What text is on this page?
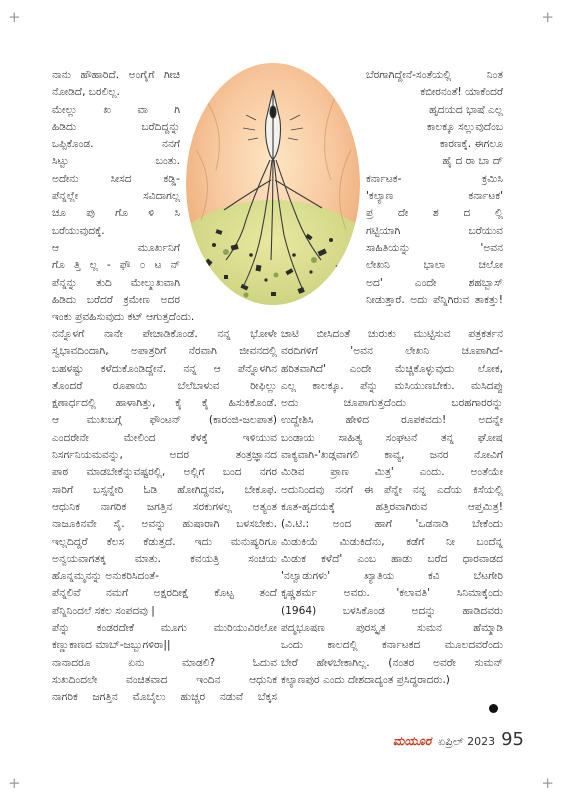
+	+
+	+
ನಾನು ಹೌಹಾರಿದೆ. ಅಂಗೈಗೆ ಗೀಚಿ
ನೋಡಿದೆ, ಬರಲಿಲ್ಲ.
ಮೇಲ್ಲು ಖ ವಾ ಗಿ
ಹಿಡಿದು ಬರೆದಿದ್ದನ್ನು
ಒಪ್ಪಿಕೊಂಡ. ನನಗೆ
ಸಿಟ್ಟು ಬಂತು.
ಅದೇನು ಸೀಸದ ಕಡ್ಡಿ-
ಪೆನ್ನಲ್ಲೇ ಸವಿದಾಗಲ್ಲ
ಚೂ ಪು ಗೊ ಳಿ ಸಿ
ಬರೆಯುವುದಕ್ಕೆ.
ಆ ಮೂರ್ಖನಿಗೆ
ಗೊ ತ್ತಿ ಲ್ಲ - ಫೌ ೦ ಟ ನ್
ಪೆನ್ನನ್ನು ತುದಿ ಮೇಲ್ಮುಖವಾಗಿ
ಹಿಡಿದು ಬರೆದರೆ ಕ್ರಮೇಣ ಅದರ
ಇಂಕು ಪ್ರವಹಿಸುವುದು ಕಟ್ ಆಗುತ್ತದೆಂದು.
ಬೆರಗಾಗಿದ್ದೇನೆ-ಸಂತೆಯಲ್ಲಿ ನಿಂತ
ಕಬೀರನಂತೆ! ಯಾಕೆಂದರೆ
ಹೃದಯದ ಭಾಷೆ ಎಲ್ಲ
ಕಾಲಕ್ಕೂ ಸಲ್ಲುವುದೆಂಬ
ಕಾರಣಕ್ಕೆ. ಈಗಲೂ
ಹೈ ದ ರಾ ಬಾ ದ್
ಕರ್ನಾಟಕ- ಕ್ರಮಿಸಿ
'ಕಲ್ಯಾಣ ಕರ್ನಾಟಕ'
ಪ್ರ ದೇ ಶ ದ ಲ್ಲಿ
ಗಟ್ಟಿಯಾಗಿ ಬರೆಯುವ
ಸಾಹಿತಿಯನ್ನು 'ಅವನ
ಲೇಖನಿ ಭಾಲಾ ಚಲೋ
ಅದ' ಎಂದೇ ಶಹಬ್ಬಾಸ್
ನೀಡುತ್ತಾರೆ. ಅದು ಪೆನ್ನಿಗಿರುವ ತಾಕತ್ತು!
ನನ್ನೊಳಗೆ ನಾನೇ ಪೇಚಾಡಿಕೊಂಡೆ. ನನ್ನ ಭೋಳೇ
ಸ್ವಭಾವದಿಂದಾಗಿ, ಅಪಾತ್ರರಿಗೆ ನೆರವಾಗಿ ಜೀವನದಲ್ಲಿ
ಬಹಳಷ್ಟು ಕಳೆದುಕೊಂಡಿದ್ದೇನೆ. ನನ್ನ ಆ ಪೆನ್ನೊಳಗಿನ
ತೊಂದರೆ ರೂಪಾಯಿ ಬೆಲೆಬಾಳುವ ರೀಫಿಲ್ಲು
ಕ್ಷಣಾರ್ಧದಲ್ಲಿ ಹಾಳಾಗಿತ್ತು, ಕೈ ಕೈ ಹಿಸುಕಿಕೊಂಡೆ.
ಆ ಮುಖಬಗ್ಗೆ ಫೌಂಟನ್ (ಕಾರಂಜಿ-ಜಲಪಾತ)
ಎಂದರೇನೇ ಮೇಲಿಂದ ಕೆಳಕ್ಕೆ ಇಳಿಯುವ
ನಿಸರ್ಗನಿಯಮವನ್ನು, ಅದರ ತಂತ್ರಜ್ಞಾನದ
ಪಾಠ ಮಾಡಬೇಕೆನ್ನುವಷ್ಟರಲ್ಲಿ, ಅಲ್ಲಿಗೆ ಬಂದ ನಗರ
ಸಾರಿಗೆ ಬಸ್ಸನ್ನೇರಿ ಓಡಿ ಹೋಗಿದ್ದನವ, ಬೇಕೂಫ.
ಆಧುನಿಕ ನಾಗರಿಕ ಜಗತ್ತಿನ ಸರಕುಗಳಲ್ಲ ಅತ್ಯಂತ
ನಾಜೂಕಿನವೇ ಸೈ. ಅವನ್ನು ಹುಷಾರಾಗಿ ಬಳಸಬೇಕು.
ಇಲ್ಲದಿದ್ದರೆ ಕೆಲಸ ಕೆಡುತ್ತದೆ. ಇದು ಮನುಷ್ಯರಿಗೂ
ಅನ್ವಯವಾಗತಕ್ಕ ಮಾತು. ಕವಯತ್ರಿ ಸಂಚಿಯ
ಹೊನ್ನಮ್ಮನನ್ನು ಅನುಕರಿಸಿದಂತೆ-
ಪೆನ್ನಲಿವೆ ನಮಗೆ ಅಕ್ಷರದೀಕ್ಷೆ ಕೊಟ್ಟ ತಂದೆ
ಪೆನ್ನಿನಿಂದಲೆ ಸಕಲ ಸಂಪದವು |
ಪೆನ್ನು ಕಂಡರದೇಕೆ ಮೂಗು ಮುರಿಯುವಿರಲೋ
ಕಣ್ಣುಕಾಣದ ಮಾಬ್-ಜಬ್ಬುಗಳಿರಾ||
ನಾನಾದರೂ ಏನು ಮಾಡಲಿ? ಓದುವ
ಸುಖದಿಂದಲೇ ವಂಚಿತವಾದ ಇಂದಿನ ಆಧುನಿಕ
ನಾಗರಿಕ ಜಗತ್ತಿನ ಮೊಬೈಲು ಹುಚ್ಚರ ನಡುವೆ ಬೆಕ್ಕಸ
ಚಾಟಿ ಬೀಸಿದಂತೆ ಚುರುಕು ಮುಟ್ಟಿಸುವ ಪತ್ರಕರ್ತನ
ವರದಿಗಳಿಗೆ 'ಅವನ ಲೇಖನಿ ಚೂಪಾಗಿದೆ-
ಹರಿತವಾಗಿದೆ' ಎಂದೇ ಮೆಚ್ಚಿಕೊಳ್ಳುವುದು ಲೋಕ,
ಎಲ್ಲ ಕಾಲಕ್ಕೂ. ಪೆನ್ನು ಮಸಿಯುಣಬೇಕು. ಮಸಿದಪ್ಪು
ಅದು ಚೂಪಾಗುತ್ತದೆಂದು ಬರಹಗಾರರನ್ನು
ಉದ್ದೇಶಿಸಿ ಹೇಳಿದ ರೂಪಕವದು! ಅದನ್ನೇ
ಬಂಡಾಯ ಸಾಹಿತ್ಯ ಸಂಘಟನೆ ತನ್ನ ಘೋಷ
ವಾಕ್ಯವಾಗಿ-'ಖಡ್ಗವಾಗಲಿ ಕಾವ್ಯ, ಜನರ ನೋವಿಗೆ
ಮಿಡಿವ ಪ್ರಾಣ ಮಿತ್ರ' ಎಂದು. ಅಂತೆಯೇ
ಅದುನಿಂದವು ನನಗೆ ಈ ಪೆನ್ನೇ ನನ್ನ ಎದೆಯ ಕಿಸೆಯಲ್ಲಿ
ಕೂತ-ಹೃದಯಕ್ಕೆ ಹತ್ತಿರವಾಗಿರುವ ಆಪ್ತಮಿತ್ರ!
(ವಿ.ಟಿ.: ಅಂದ ಹಾಗೆ 'ಒಡನಾಡಿ ಬೇಕೆಂದು
ಮಿಡುಕಿಯೆ ಮಿಡುಕಿದೆನು, ಕಡೆಗೆ ನೀ ಬಂದೆನ್ನ
ಮಿಡುಕ ಕಳೆದೆ' ಎಂಬ ಹಾಡು ಬರೆದ ಧಾರವಾಡದ
'ನಲ್ವಾಡುಗಳು' ಖ್ಯಾತಿಯ ಕವಿ ಬೆಟಗೇರಿ
ಕೃಷ್ಣಶರ್ಮ ಅವರು. 'ಕಲಾವತಿ' ಸಿನಿಮಾಕ್ಕೆಂದು
(1964) ಬಳಸಿಕೊಂಡ ಅದನ್ನು ಹಾಡಿದವರು
ಪದ್ಮಭೂಷಣ ಪುರಸ್ಕೃತ ಸುಮನ ಹೆಮ್ಮಾಡಿ
ಒಂದು ಕಾಲದಲ್ಲಿ ಕರ್ನಾಟಕದ ಮೂಲದವರೆಂದು
ಬೇರೆ ಹೇಳಬೇಕಾಗಿಲ್ಲ. (ನಂತರ ಅವರೇ ಸುಮನ್
ಕಲ್ಯಾಣಪುರ ಎಂದು ದೇಶದಾದ್ಯಂತ ಪ್ರಸಿದ್ಧರಾದರು.)
ಮಯೂರ ಏಪ್ರಿಲ್ 2023 95
